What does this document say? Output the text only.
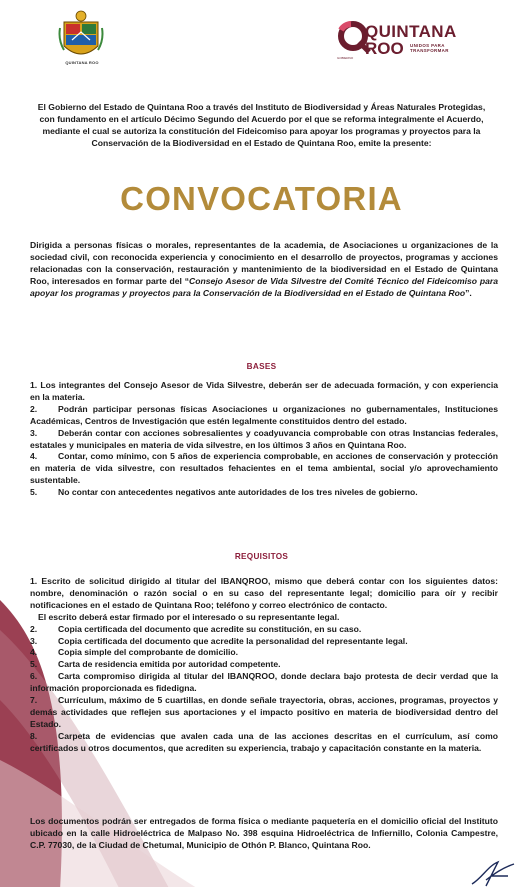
QUINTANA ROO
QUINTANA
ROO UNIDOS PARA TRANSFORMAR
GOBIERNO
El Gobierno del Estado de Quintana Roo a través del Instituto de Biodiversidad y Áreas Naturales Protegidas, con fundamento en el artículo Décimo Segundo del Acuerdo por el que se reforma integralmente el Acuerdo, mediante el cual se autoriza la constitución del Fideicomiso para apoyar los programas y proyectos para la Conservación de la Biodiversidad en el Estado de Quintana Roo, emite la presente:
CONVOCATORIA
Dirigida a personas físicas o morales, representantes de la academia, de Asociaciones u organizaciones de la sociedad civil, con reconocida experiencia y conocimiento en el desarrollo de proyectos, programas y acciones relacionadas con la conservación, restauración y mantenimiento de la biodiversidad en el Estado de Quintana Roo, interesados en formar parte del “Consejo Asesor de Vida Silvestre del Comité Técnico del Fideicomiso para apoyar los programas y proyectos para la Conservación de la Biodiversidad en el Estado de Quintana Roo”.
BASES

1. Los integrantes del Consejo Asesor de Vida Silvestre, deberán ser de adecuada formación, y con experiencia en la materia.

2. Podrán participar personas físicas Asociaciones u organizaciones no gubernamentales, Instituciones Académicas, Centros de Investigación que estén legalmente constituidos dentro del estado.

3. Deberán contar con acciones sobresalientes y coadyuvancia comprobable con otras Instancias federales, estatales y municipales en materia de vida silvestre, en los últimos 3 años en Quintana Roo.

4. Contar, como mínimo, con 5 años de experiencia comprobable, en acciones de conservación y protección en materia de vida silvestre, con resultados fehacientes en el tema ambiental, social y/o aprovechamiento sustentable.

5. No contar con antecedentes negativos ante autoridades de los tres niveles de gobierno.

REQUISITOS

1. Escrito de solicitud dirigido al titular del IBANQROO, mismo que deberá contar con los siguientes datos: nombre, denominación o razón social o en su caso del representante legal; domicilio para oír y recibir notificaciones en el estado de Quintana Roo; teléfono y correo electrónico de contacto.

El escrito deberá estar firmado por el interesado o su representante legal.

2. Copia certificada del documento que acredite su constitución, en su caso.

3. Copia certificada del documento que acredite la personalidad del representante legal.

4. Copia simple del comprobante de domicilio.

5. Carta de residencia emitida por autoridad competente.

6. Carta compromiso dirigida al titular del IBANQROO, donde declara bajo protesta de decir verdad que la información proporcionada es fidedigna.

7. Currículum, máximo de 5 cuartillas, en donde señale trayectoria, obras, acciones, programas, proyectos y demás actividades que reflejen sus aportaciones y el impacto positivo en materia de biodiversidad dentro del Estado.

8. Carpeta de evidencias que avalen cada una de las acciones descritas en el currículum, así como certificados u otros documentos, que acrediten su experiencia, trabajo y capacitación constante en la materia.

Los documentos podrán ser entregados de forma física o mediante paquetería en el domicilio oficial del Instituto ubicado en la calle Hidroeléctrica de Malpaso No. 398 esquina Hidroeléctrica de Infiernillo, Colonia Campestre, C.P. 77030, de la Ciudad de Chetumal, Municipio de Othón P. Blanco, Quintana Roo.
